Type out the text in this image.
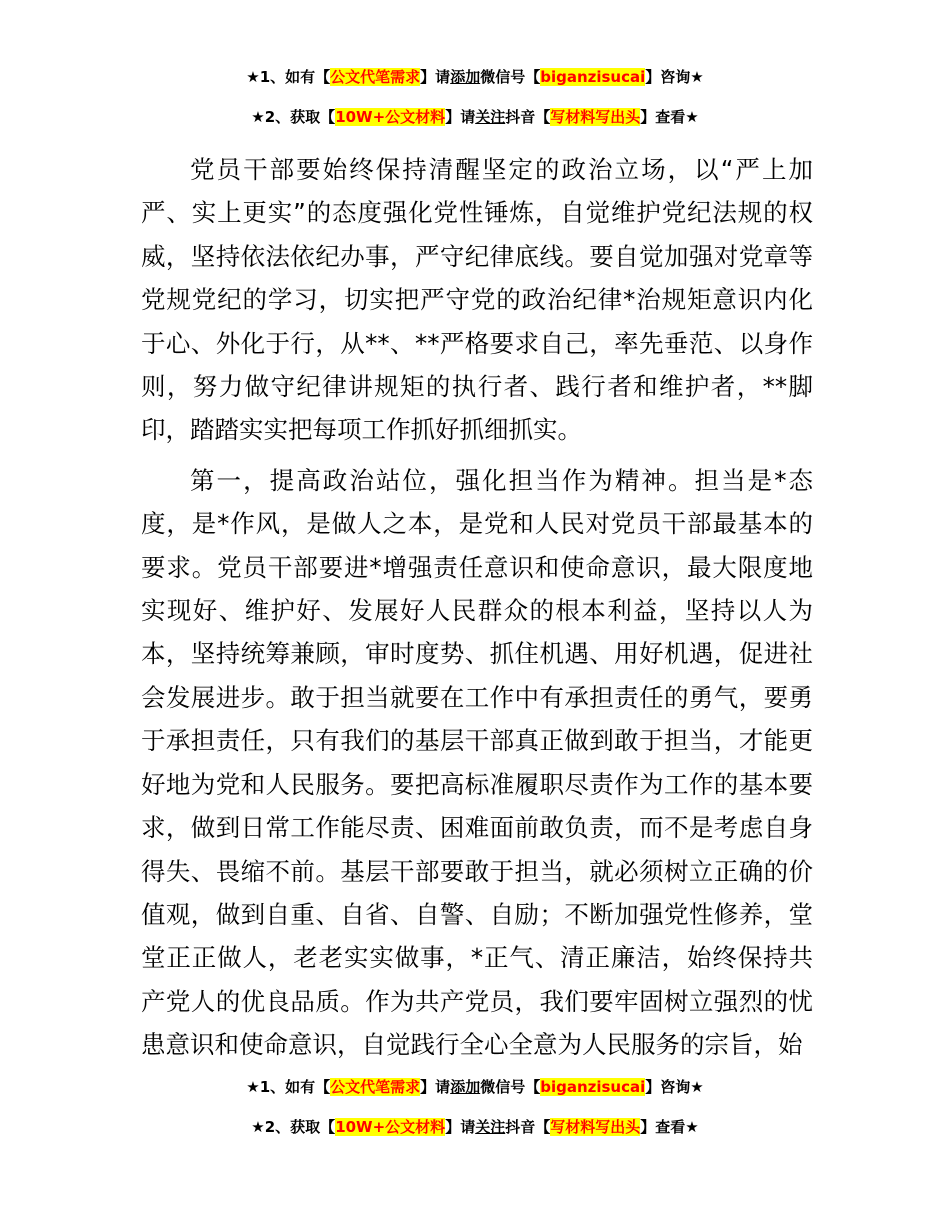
★1、如有【公文代笔需求】请添加微信号【biganzisucai】咨询★
★2、获取【10W+公文材料】请关注抖音【写材料写出头】查看★

党员干部要始终保持清醒坚定的政治立场，以“严上加严、实上更实”的态度强化党性锤炼，自觉维护党纪法规的权威，坚持依法依纪办事，严守纪律底线。要自觉加强对党章等党规党纪的学习，切实把严守党的政治纪律*治规矩意识内化于心、外化于行，从**、**严格要求自己，率先垂范、以身作则，努力做守纪律讲规矩的执行者、践行者和维护者，**脚印，踏踏实实把每项工作抓好抓细抓实。

第一，提高政治站位，强化担当作为精神。担当是*态度，是*作风，是做人之本，是党和人民对党员干部最基本的要求。党员干部要进*增强责任意识和使命意识，最大限度地实现好、维护好、发展好人民群众的根本利益，坚持以人为本，坚持统筹兼顾，审时度势、抓住机遇、用好机遇，促进社会发展进步。敢于担当就要在工作中有承担责任的勇气，要勇于承担责任，只有我们的基层干部真正做到敢于担当，才能更好地为党和人民服务。要把高标准履职尽责作为工作的基本要求，做到日常工作能尽责、困难面前敢负责，而不是考虑自身得失、畏缩不前。基层干部要敢于担当，就必须树立正确的价值观，做到自重、自省、自警、自励；不断加强党性修养，堂堂正正做人，老老实实做事，*正气、清正廉洁，始终保持共产党人的优良品质。作为共产党员，我们要牢固树立强烈的忧患意识和使命意识，自觉践行全心全意为人民服务的宗旨，始

★1、如有【公文代笔需求】请添加微信号【biganzisucai】咨询★
★2、获取【10W+公文材料】请关注抖音【写材料写出头】查看★
